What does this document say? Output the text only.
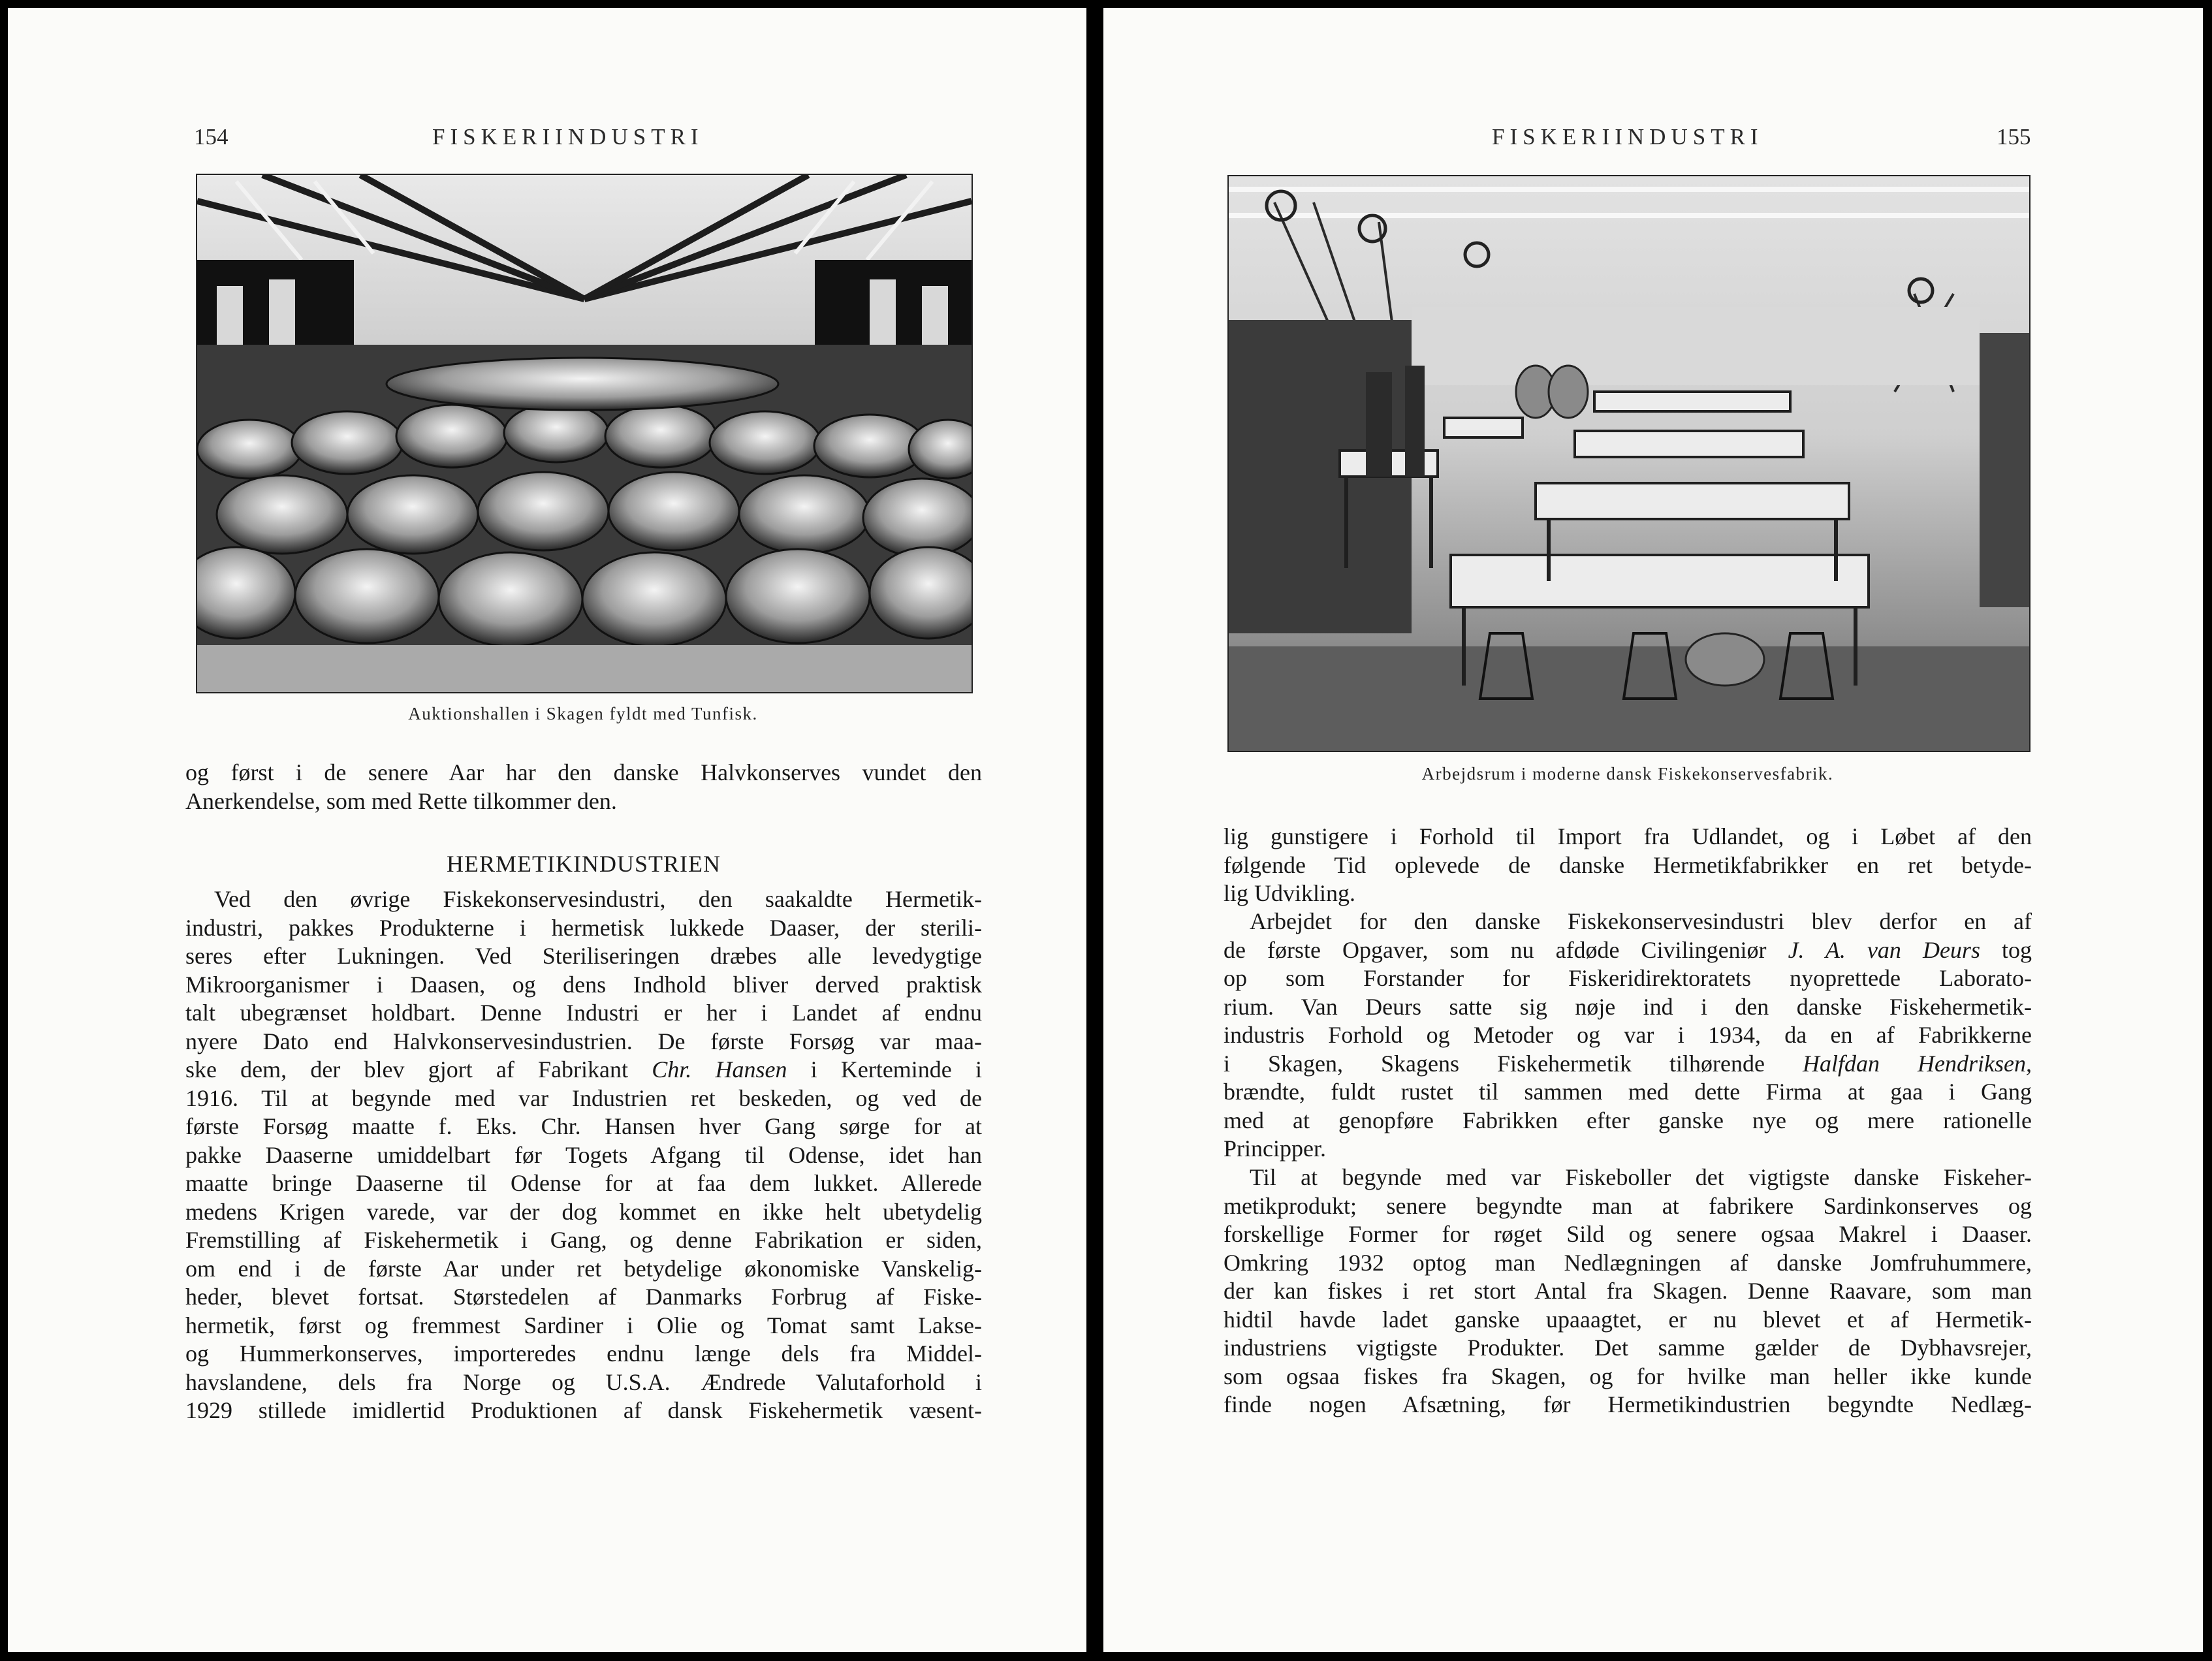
154	FISKERIINDUSTRI
Auktionshallen i Skagen fyldt med Tunfisk.
og først i de senere Aar har den danske Halvkonserves vundet den
Anerkendelse, som med Rette tilkommer den.
HERMETIKINDUSTRIEN
Ved den øvrige Fiskekonservesindustri, den saakaldte Hermetik-
industri, pakkes Produkterne i hermetisk lukkede Daaser, der sterili-
seres efter Lukningen. Ved Steriliseringen dræbes alle levedygtige
Mikroorganismer i Daasen, og dens Indhold bliver derved praktisk
talt ubegrænset holdbart. Denne Industri er her i Landet af endnu
nyere Dato end Halvkonservesindustrien. De første Forsøg var maa-
ske dem, der blev gjort af Fabrikant Chr. Hansen i Kerteminde i
1916. Til at begynde med var Industrien ret beskeden, og ved de
første Forsøg maatte f. Eks. Chr. Hansen hver Gang sørge for at
pakke Daaserne umiddelbart før Togets Afgang til Odense, idet han
maatte bringe Daaserne til Odense for at faa dem lukket. Allerede
medens Krigen varede, var der dog kommet en ikke helt ubetydelig
Fremstilling af Fiskehermetik i Gang, og denne Fabrikation er siden,
om end i de første Aar under ret betydelige økonomiske Vanskelig-
heder, blevet fortsat. Størstedelen af Danmarks Forbrug af Fiske-
hermetik, først og fremmest Sardiner i Olie og Tomat samt Lakse-
og Hummerkonserves, importeredes endnu længe dels fra Middel-
havslandene, dels fra Norge og U.S.A. Ændrede Valutaforhold i
1929 stillede imidlertid Produktionen af dansk Fiskehermetik væsent-
FISKERIINDUSTRI	155
Arbejdsrum i moderne dansk Fiskekonservesfabrik.
lig gunstigere i Forhold til Import fra Udlandet, og i Løbet af den
følgende Tid oplevede de danske Hermetikfabrikker en ret betyde-
lig Udvikling.
Arbejdet for den danske Fiskekonservesindustri blev derfor en af
de første Opgaver, som nu afdøde Civilingeniør J. A. van Deurs tog
op som Forstander for Fiskeridirektoratets nyoprettede Laborato-
rium. Van Deurs satte sig nøje ind i den danske Fiskehermetik-
industris Forhold og Metoder og var i 1934, da en af Fabrikkerne
i Skagen, Skagens Fiskehermetik tilhørende Halfdan Hendriksen,
brændte, fuldt rustet til sammen med dette Firma at gaa i Gang
med at genopføre Fabrikken efter ganske nye og mere rationelle
Principper.
Til at begynde med var Fiskeboller det vigtigste danske Fiskeher-
metikprodukt; senere begyndte man at fabrikere Sardinkonserves og
forskellige Former for røget Sild og senere ogsaa Makrel i Daaser.
Omkring 1932 optog man Nedlægningen af danske Jomfruhummere,
der kan fiskes i ret stort Antal fra Skagen. Denne Raavare, som man
hidtil havde ladet ganske upaaagtet, er nu blevet et af Hermetik-
industriens vigtigste Produkter. Det samme gælder de Dybhavsrejer,
som ogsaa fiskes fra Skagen, og for hvilke man heller ikke kunde
finde nogen Afsætning, før Hermetikindustrien begyndte Nedlæg-
